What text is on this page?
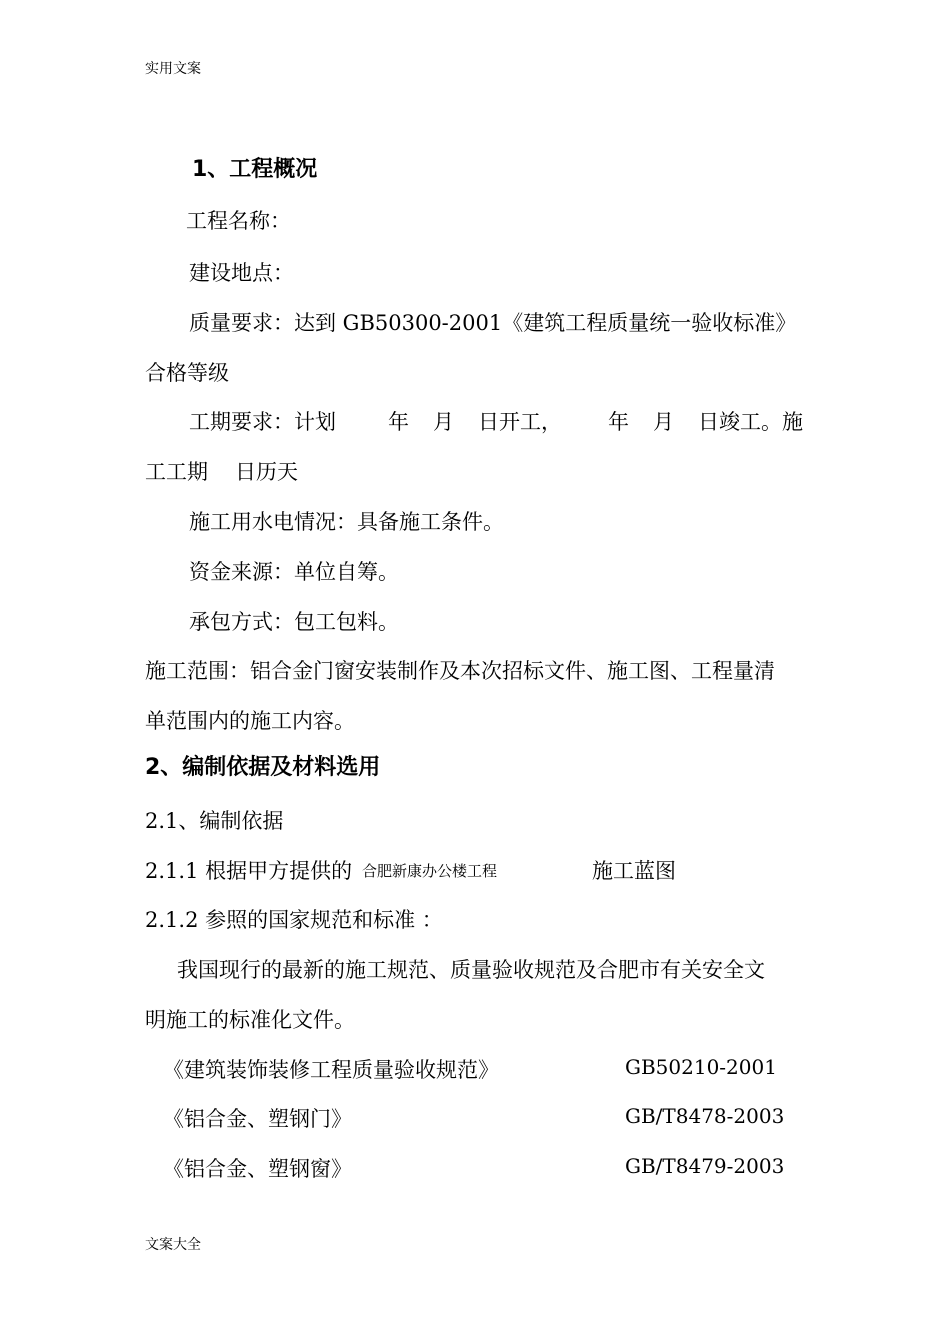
实用文案
1、工程概况
工程名称：
建设地点：
质量要求：达到 GB50300-2001《建筑工程质量统一验收标准》
合格等级
工期要求：计划 年 月 日开工， 年 月 日竣工。施
工工期 日历天
施工用水电情况：具备施工条件。
资金来源：单位自筹。
承包方式：包工包料。
施工范围：铝合金门窗安装制作及本次招标文件、施工图、工程量清
单范围内的施工内容。
2、编制依据及材料选用
2.1、编制依据
2.1.1 根据甲方提供的 合肥新康办公楼工程	施工蓝图
2.1.2 参照的国家规范和标准 ：
我国现行的最新的施工规范、质量验收规范及合肥市有关安全文
明施工的标准化文件。
《建筑装饰装修工程质量验收规范》	GB50210-2001
《铝合金、塑钢门》	GB/T8478-2003
《铝合金、塑钢窗》	GB/T8479-2003
文案大全
